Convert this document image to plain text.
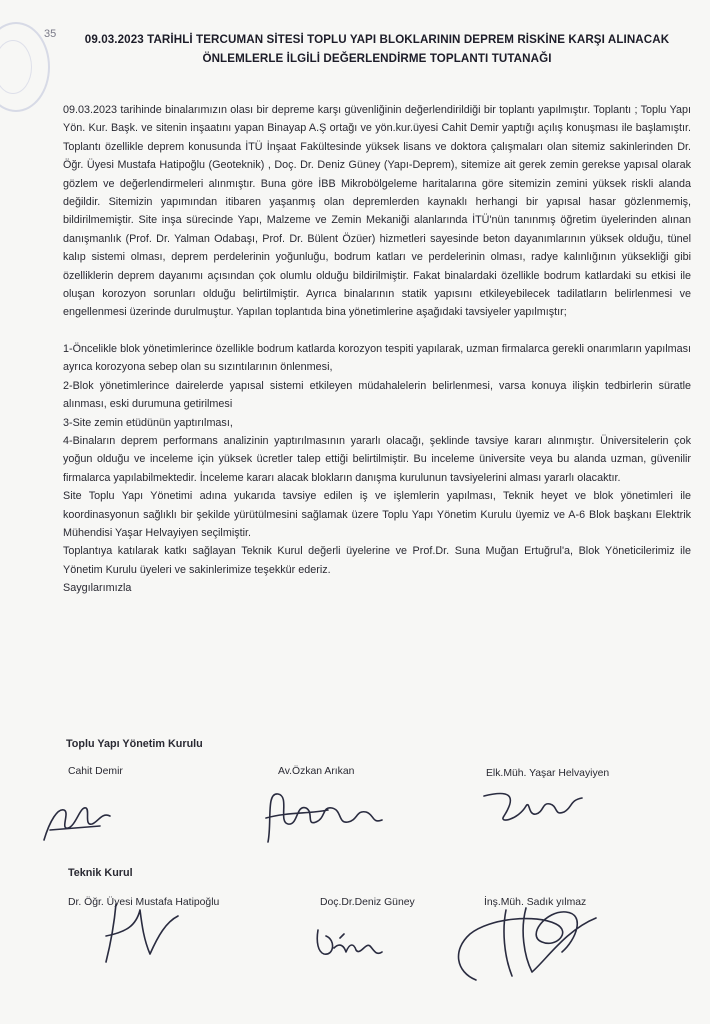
35	09.03.2023 TARİHLİ TERCUMAN SİTESİ TOPLU YAPI BLOKLARININ DEPREM RİSKİNE KARŞI ALINACAK
ÖNLEMLERLE İLGİLİ DEĞERLENDİRME TOPLANTI TUTANAĞI

09.03.2023 tarihinde binalarımızın olası bir depreme karşı güvenliğinin değerlendirildiği bir toplantı yapılmıştır. Toplantı ; Toplu Yapı Yön. Kur. Başk. ve sitenin inşaatını yapan Binayap A.Ş ortağı ve yön.kur.üyesi Cahit Demir yaptığı açılış konuşması ile başlamıştır. Toplantı özellikle deprem konusunda İTÜ İnşaat Fakültesinde yüksek lisans ve doktora çalışmaları olan sitemiz sakinlerinden Dr. Öğr. Üyesi Mustafa Hatipoğlu (Geoteknik) , Doç. Dr. Deniz Güney (Yapı-Deprem), sitemize ait gerek zemin gerekse yapısal olarak gözlem ve değerlendirmeleri alınmıştır. Buna göre İBB Mikrobölgeleme haritalarına göre sitemizin zemini yüksek riskli alanda değildir. Sitemizin yapımından itibaren yaşanmış olan depremlerden kaynaklı herhangi bir yapısal hasar gözlenmemiş, bildirilmemiştir. Site inşa sürecinde Yapı, Malzeme ve Zemin Mekaniği alanlarında İTÜ'nün tanınmış öğretim üyelerinden alınan danışmanlık (Prof. Dr. Yalman Odabaşı, Prof. Dr. Bülent Özüer) hizmetleri sayesinde beton dayanımlarının yüksek olduğu, tünel kalıp sistemi olması, deprem perdelerinin yoğunluğu, bodrum katları ve perdelerinin olması, radye kalınlığının yüksekliği gibi özelliklerin deprem dayanımı açısından çok olumlu olduğu bildirilmiştir. Fakat binalardaki özellikle bodrum katlardaki su etkisi ile oluşan korozyon sorunları olduğu belirtilmiştir. Ayrıca binalarının statik yapısını etkileyebilecek tadilatların belirlenmesi ve engellenmesi üzerinde durulmuştur. Yapılan toplantıda bina yönetimlerine aşağıdaki tavsiyeler yapılmıştır;

1-Öncelikle blok yönetimlerince özellikle bodrum katlarda korozyon tespiti yapılarak, uzman firmalarca gerekli onarımların yapılması ayrıca korozyona sebep olan su sızıntılarının önlenmesi,

2-Blok yönetimlerince dairelerde yapısal sistemi etkileyen müdahalelerin belirlenmesi, varsa konuya ilişkin tedbirlerin süratle alınması, eski durumuna getirilmesi

3-Site zemin etüdünün yaptırılması,

4-Binaların deprem performans analizinin yaptırılmasının yararlı olacağı, şeklinde tavsiye kararı alınmıştır. Üniversitelerin çok yoğun olduğu ve inceleme için yüksek ücretler talep ettiği belirtilmiştir. Bu inceleme üniversite veya bu alanda uzman, güvenilir firmalarca yapılabilmektedir. İnceleme kararı alacak blokların danışma kurulunun tavsiyelerini alması yararlı olacaktır.

Site Toplu Yapı Yönetimi adına yukarıda tavsiye edilen iş ve işlemlerin yapılması, Teknik heyet ve blok yönetimleri ile koordinasyonun sağlıklı bir şekilde yürütülmesini sağlamak üzere Toplu Yapı Yönetim Kurulu üyemiz ve A-6 Blok başkanı Elektrik Mühendisi Yaşar Helvayiyen seçilmiştir.

Toplantıya katılarak katkı sağlayan Teknik Kurul değerli üyelerine ve Prof.Dr. Suna Muğan Ertuğrul'a, Blok Yöneticilerimiz ile Yönetim Kurulu üyeleri ve sakinlerimize teşekkür ederiz.

Saygılarımızla

Toplu Yapı Yönetim Kurulu
Cahit Demir	Av.Özkan Arıkan	Elk.Müh. Yaşar Helvayiyen
Teknik Kurul
Dr. Öğr. Üyesi Mustafa Hatipoğlu	Doç.Dr.Deniz Güney	İnş.Müh. Sadık yılmaz
